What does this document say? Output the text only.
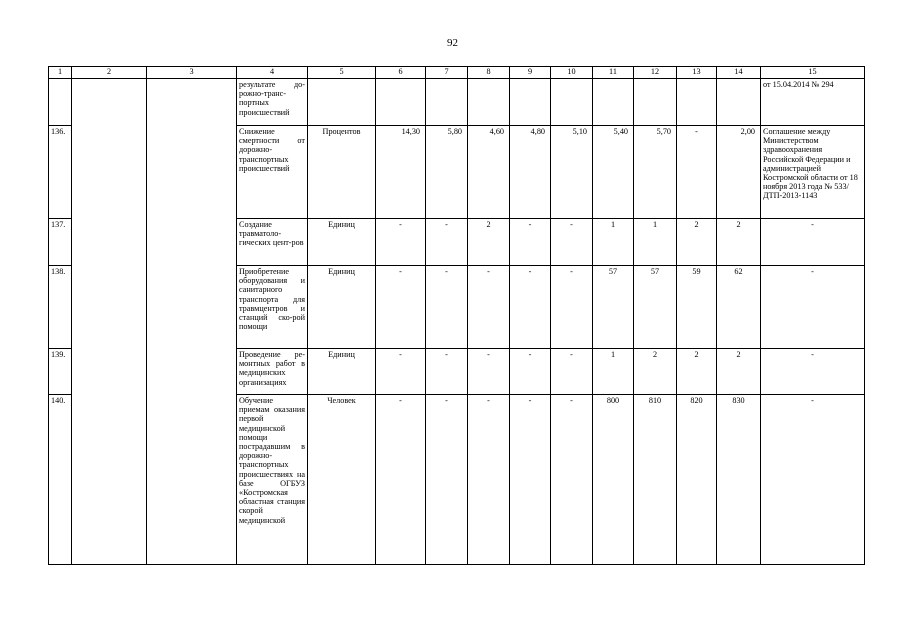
92
1	2	3	4	5	6	7	8	9	10	11	12	13	14	15
			результате до-рожно-транс-портных происшествий											от 15.04.2014 № 294
136.			Снижение смертности от дорожно-транспортных происшествий	Процентов	14,30	5,80	4,60	4,80	5,10	5,40	5,70	-	2,00	Соглашение между Министерством здравоохранения Российской Федерации и администрацией Костромской области от 18 ноября 2013 года № 533/ДТП-2013-1143
137.			Создание травматоло-гических цент-ров	Единиц	-	-	2	-	-	1	1	2	2	-
138.			Приобретение оборудования и санитарного транспорта для травмцентров и станций ско-рой помощи	Единиц	-	-	-	-	-	57	57	59	62	-
139.			Проведение ре-монтных работ в медицинских организациях	Единиц	-	-	-	-	-	1	2	2	2	-
140.			Обучение приемам оказания первой медицинской помощи пострадавшим в дорожно-транспортных происшествиях на базе ОГБУЗ «Костромская областная станция скорой медицинской	Человек	-	-	-	-	-	800	810	820	830	-
